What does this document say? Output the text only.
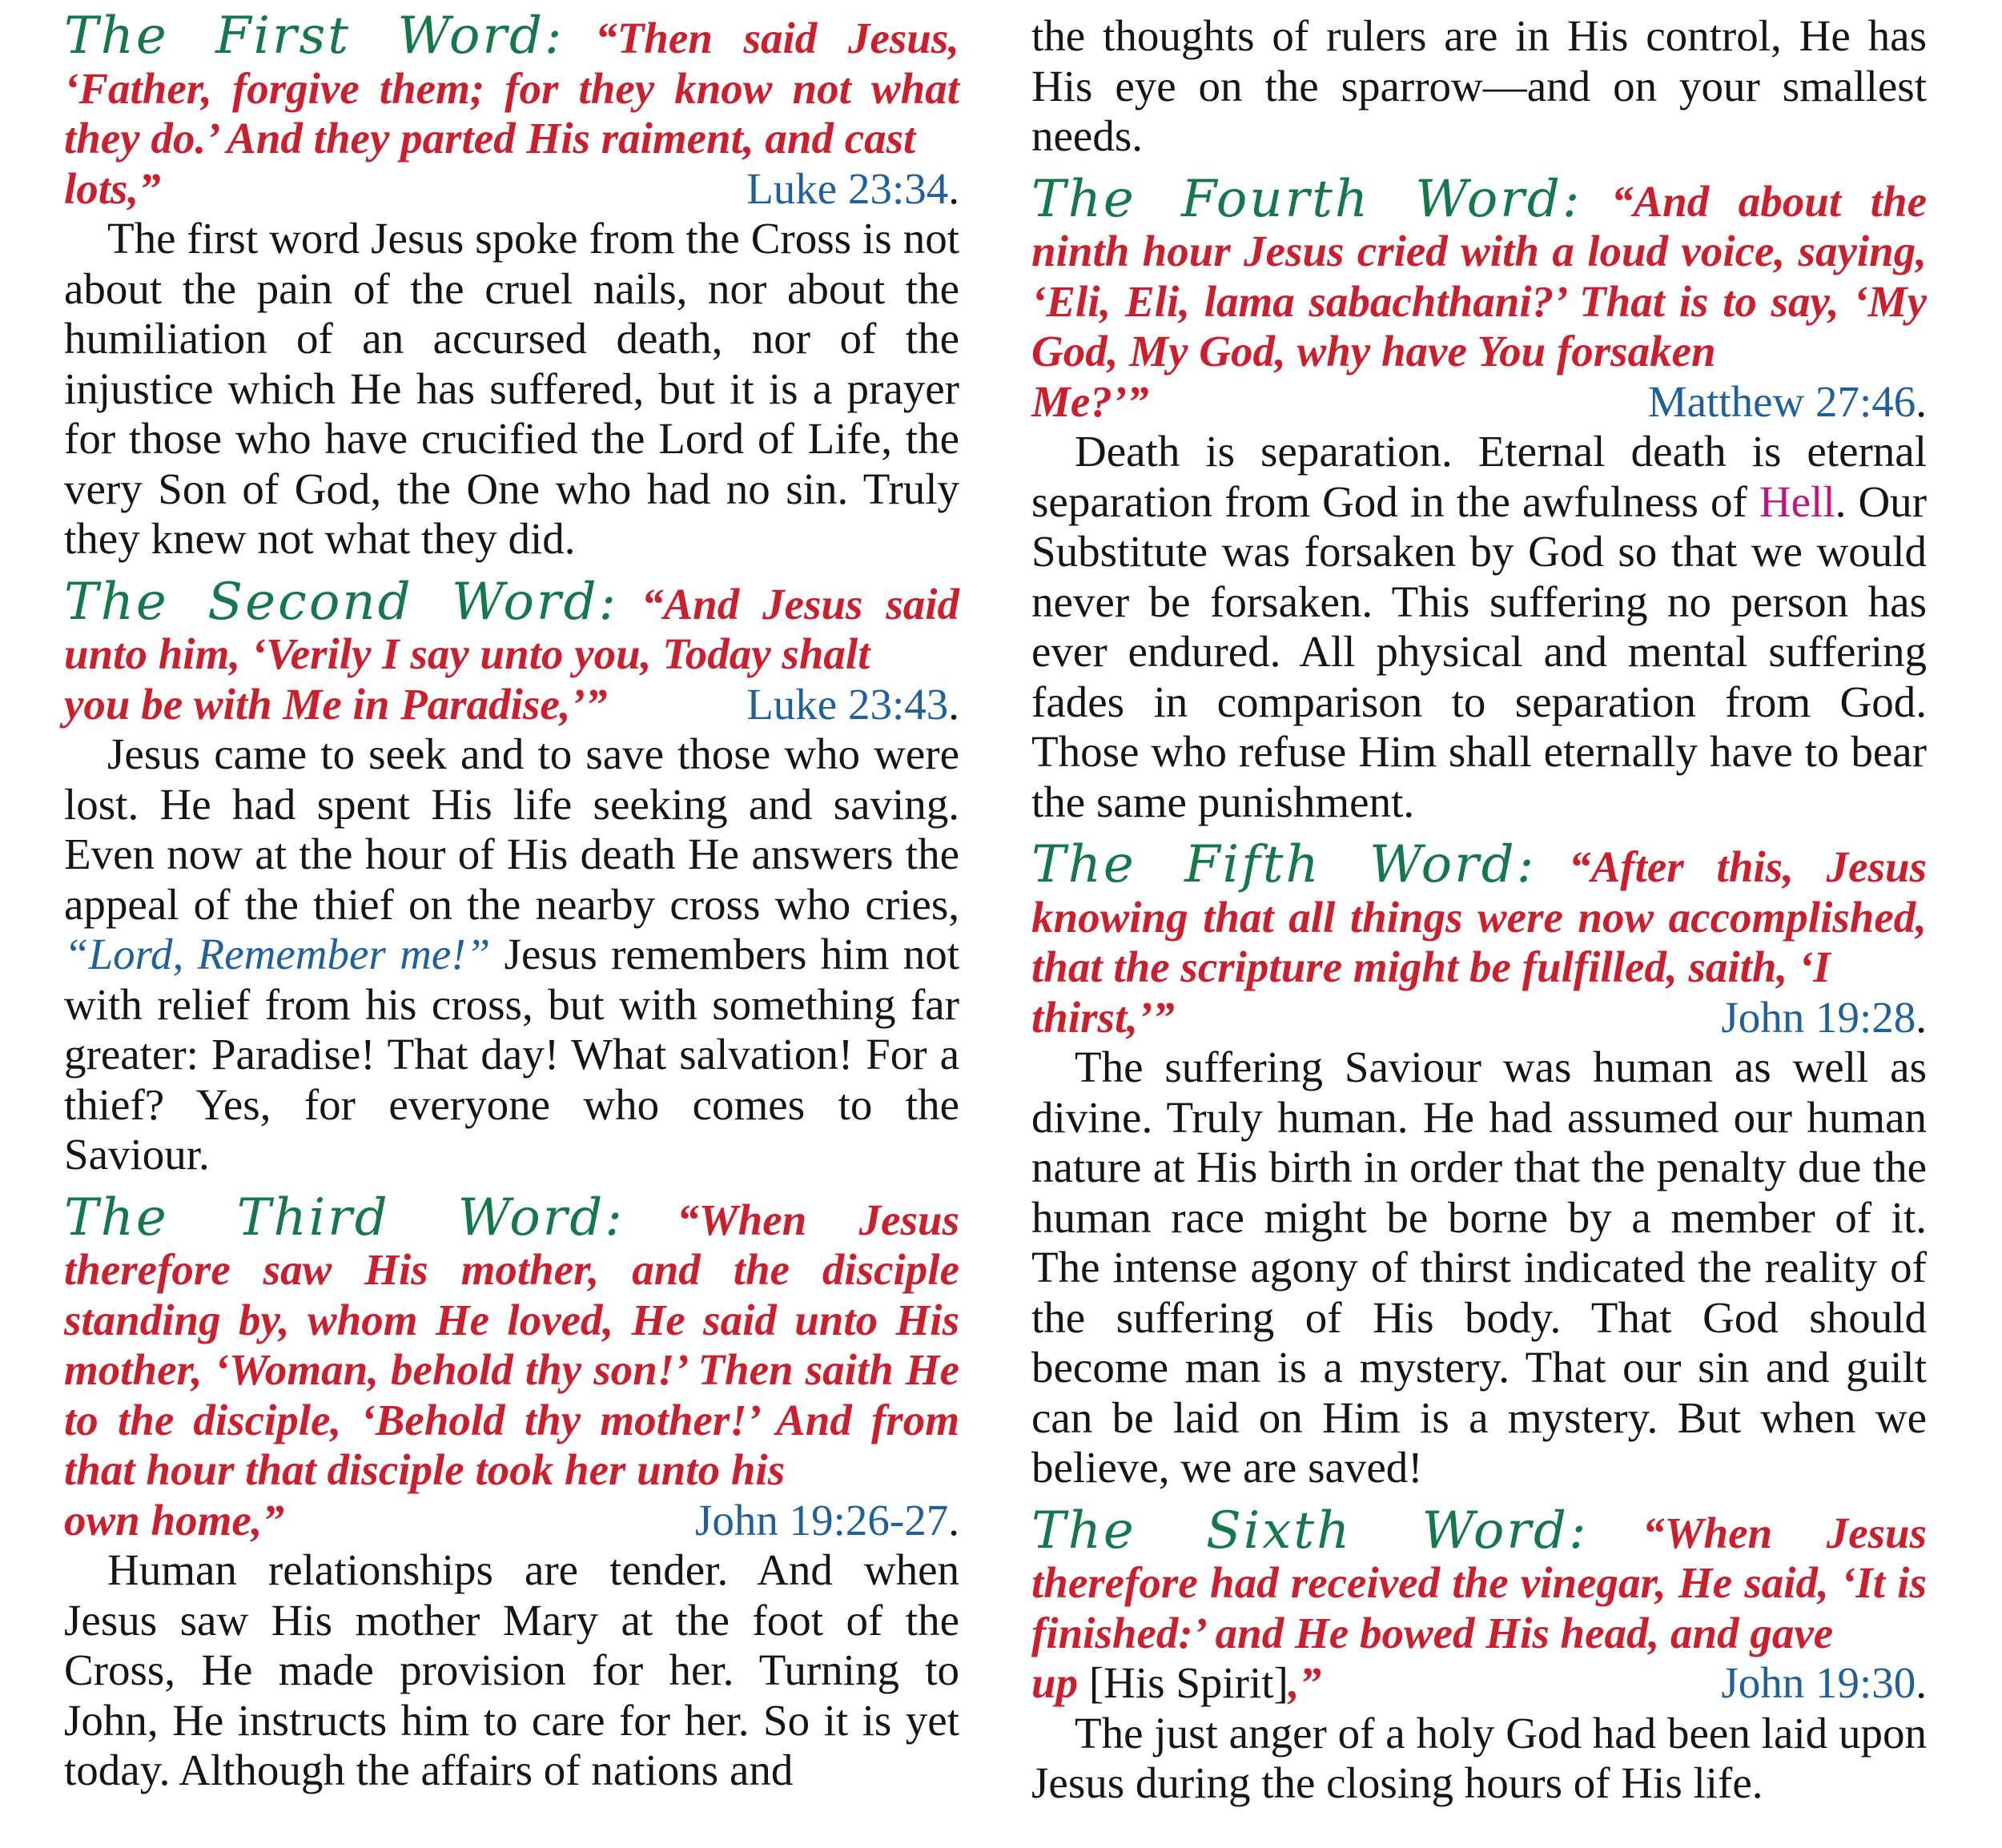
The First Word: “Then said Jesus, ‘Father, forgive them; for they know not what they do.’ And they parted His raiment, and cast

lots,”	Luke 23:34.

The first word Jesus spoke from the Cross is not about the pain of the cruel nails, nor about the humiliation of an accursed death, nor of the injustice which He has suffered, but it is a prayer for those who have crucified the Lord of Life, the very Son of God, the One who had no sin. Truly they knew not what they did.

The Second Word: “And Jesus said unto him, ‘Verily I say unto you, Today shalt

you be with Me in Paradise,’”	Luke 23:43.

Jesus came to seek and to save those who were lost. He had spent His life seeking and saving. Even now at the hour of His death He answers the appeal of the thief on the nearby cross who cries, “Lord, Remember me!” Jesus remembers him not with relief from his cross, but with something far greater: Paradise! That day! What salvation! For a thief? Yes, for everyone who comes to the Saviour.

The Third Word: “When Jesus therefore saw His mother, and the disciple standing by, whom He loved, He said unto His mother, ‘Woman, behold thy son!’ Then saith He to the disciple, ‘Behold thy mother!’ And from that hour that disciple took her unto his

own home,”	John 19:26-27.

Human relationships are tender. And when Jesus saw His mother Mary at the foot of the Cross, He made provision for her. Turning to John, He instructs him to care for her. So it is yet today. Although the affairs of nations and

the thoughts of rulers are in His control, He has His eye on the sparrow—and on your smallest needs.

The Fourth Word: “And about the ninth hour Jesus cried with a loud voice, saying, ‘Eli, Eli, lama sabachthani?’ That is to say, ‘My God, My God, why have You forsaken

Me?’”	Matthew 27:46.

Death is separation. Eternal death is eternal separation from God in the awfulness of Hell. Our Substitute was forsaken by God so that we would never be forsaken. This suffering no person has ever endured. All physical and mental suffering fades in comparison to separation from God. Those who refuse Him shall eternally have to bear the same punishment.

The Fifth Word: “After this, Jesus knowing that all things were now accomplished, that the scripture might be fulfilled, saith, ‘I

thirst,’”	John 19:28.

The suffering Saviour was human as well as divine. Truly human. He had assumed our human nature at His birth in order that the penalty due the human race might be borne by a member of it. The intense agony of thirst indicated the reality of the suffering of His body. That God should become man is a mystery. That our sin and guilt can be laid on Him is a mystery. But when we believe, we are saved!

The Sixth Word: “When Jesus therefore had received the vinegar, He said, ‘It is finished:’ and He bowed His head, and gave

up [His Spirit],”	John 19:30.

The just anger of a holy God had been laid upon Jesus during the closing hours of His life.
